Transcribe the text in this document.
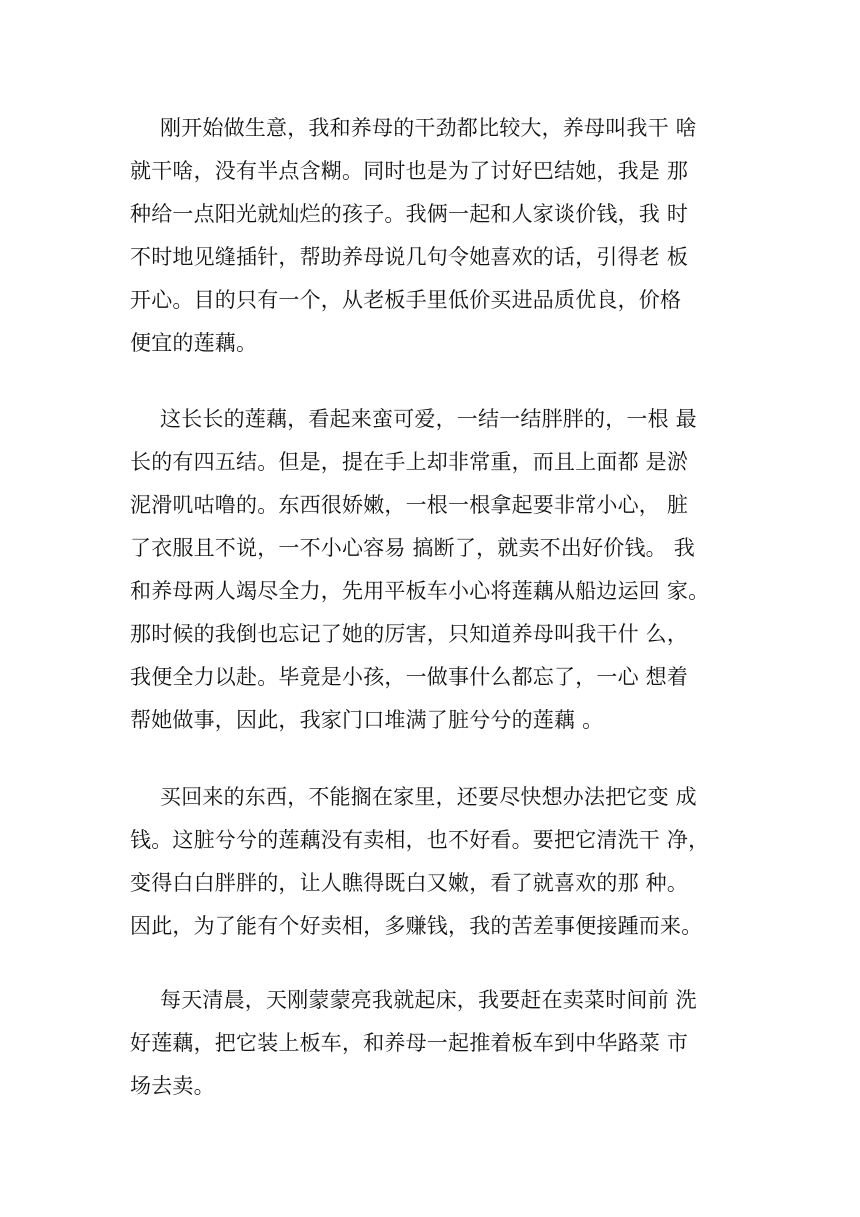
刚开始做生意，我和养母的干劲都比较大，养母叫我干 啥
就干啥，没有半点含糊。同时也是为了讨好巴结她，我是 那
种给一点阳光就灿烂的孩子。我俩一起和人家谈价钱，我 时
不时地见缝插针，帮助养母说几句令她喜欢的话，引得老 板
开心。目的只有一个，从老板手里低价买进品质优良，价格
便宜的莲藕。
这长长的莲藕，看起来蛮可爱，一结一结胖胖的，一根 最
长的有四五结。但是，提在手上却非常重，而且上面都 是淤
泥滑叽咕噜的。东西很娇嫩，一根一根拿起要非常小心， 脏
了衣服且不说，一不小心容易 搞断了，就卖不出好价钱。 我
和养母两人竭尽全力，先用平板车小心将莲藕从船边运回 家。
那时候的我倒也忘记了她的厉害，只知道养母叫我干什 么，
我便全力以赴。毕竟是小孩，一做事什么都忘了，一心 想着
帮她做事，因此，我家门口堆满了脏兮兮的莲藕 。
买回来的东西，不能搁在家里，还要尽快想办法把它变 成
钱。这脏兮兮的莲藕没有卖相，也不好看。要把它清洗干 净，
变得白白胖胖的，让人瞧得既白又嫩，看了就喜欢的那 种。
因此，为了能有个好卖相，多赚钱，我的苦差事便接踵而来。
每天清晨，天刚蒙蒙亮我就起床，我要赶在卖菜时间前 洗
好莲藕，把它装上板车，和养母一起推着板车到中华路菜 市
场去卖。
